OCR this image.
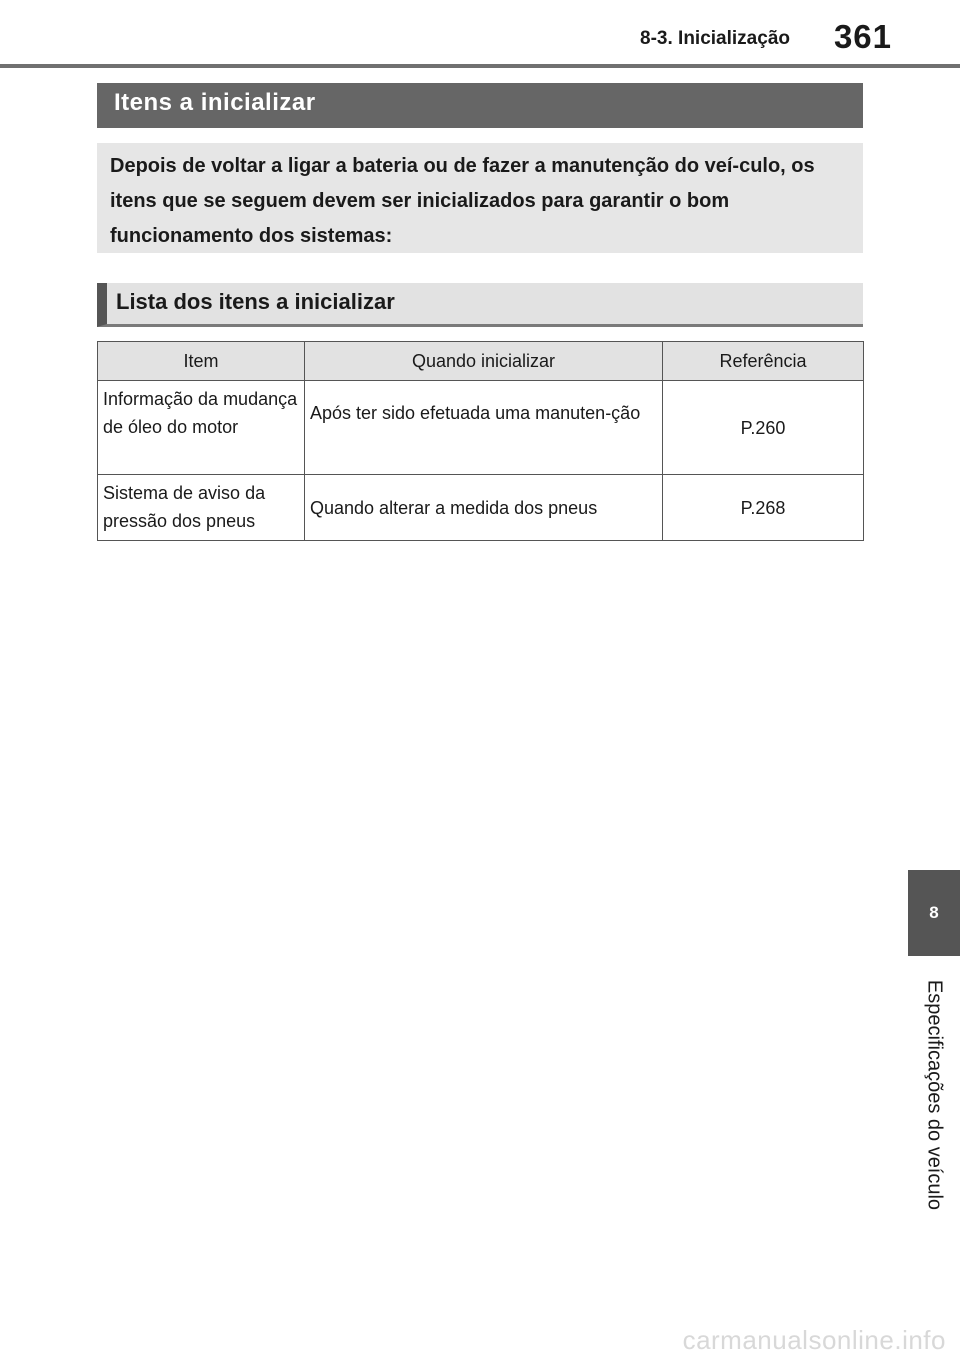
8-3. Inicialização 361
Itens a inicializar
Depois de voltar a ligar a bateria ou de fazer a manutenção do veí-culo, os itens que se seguem devem ser inicializados para garantir o bom funcionamento dos sistemas:
Lista dos itens a inicializar
Item	Quando inicializar	Referência
Informação da mudança de óleo do motor	Após ter sido efetuada uma manuten-ção	P.260
Sistema de aviso da pressão dos pneus	Quando alterar a medida dos pneus	P.268
8
Especificações do veículo
carmanualsonline.info
